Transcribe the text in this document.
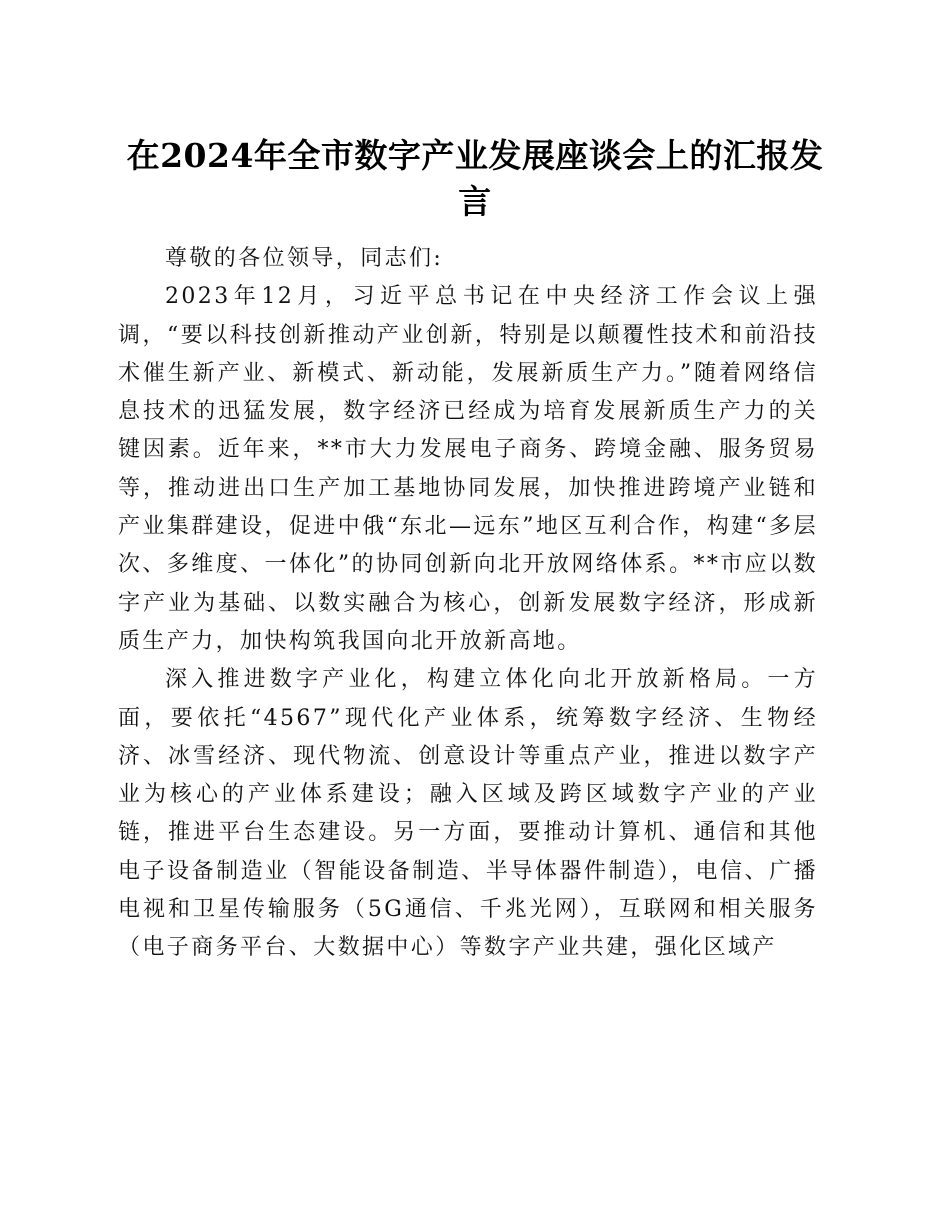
在2024年全市数字产业发展座谈会上的汇报发言

尊敬的各位领导，同志们:

2023年12月，习近平总书记在中央经济工作会议上强调，“要以科技创新推动产业创新，特别是以颠覆性技术和前沿技术催生新产业、新模式、新动能，发展新质生产力。”随着网络信息技术的迅猛发展，数字经济已经成为培育发展新质生产力的关键因素。近年来，**市大力发展电子商务、跨境金融、服务贸易等，推动进出口生产加工基地协同发展，加快推进跨境产业链和产业集群建设，促进中俄“东北—远东”地区互利合作，构建“多层次、多维度、一体化”的协同创新向北开放网络体系。**市应以数字产业为基础、以数实融合为核心，创新发展数字经济，形成新质生产力，加快构筑我国向北开放新高地。

深入推进数字产业化，构建立体化向北开放新格局。一方面，要依托“4567”现代化产业体系，统筹数字经济、生物经济、冰雪经济、现代物流、创意设计等重点产业，推进以数字产业为核心的产业体系建设；融入区域及跨区域数字产业的产业链，推进平台生态建设。另一方面，要推动计算机、通信和其他电子设备制造业（智能设备制造、半导体器件制造），电信、广播电视和卫星传输服务（5G通信、千兆光网），互联网和相关服务（电子商务平台、大数据中心）等数字产业共建，强化区域产
